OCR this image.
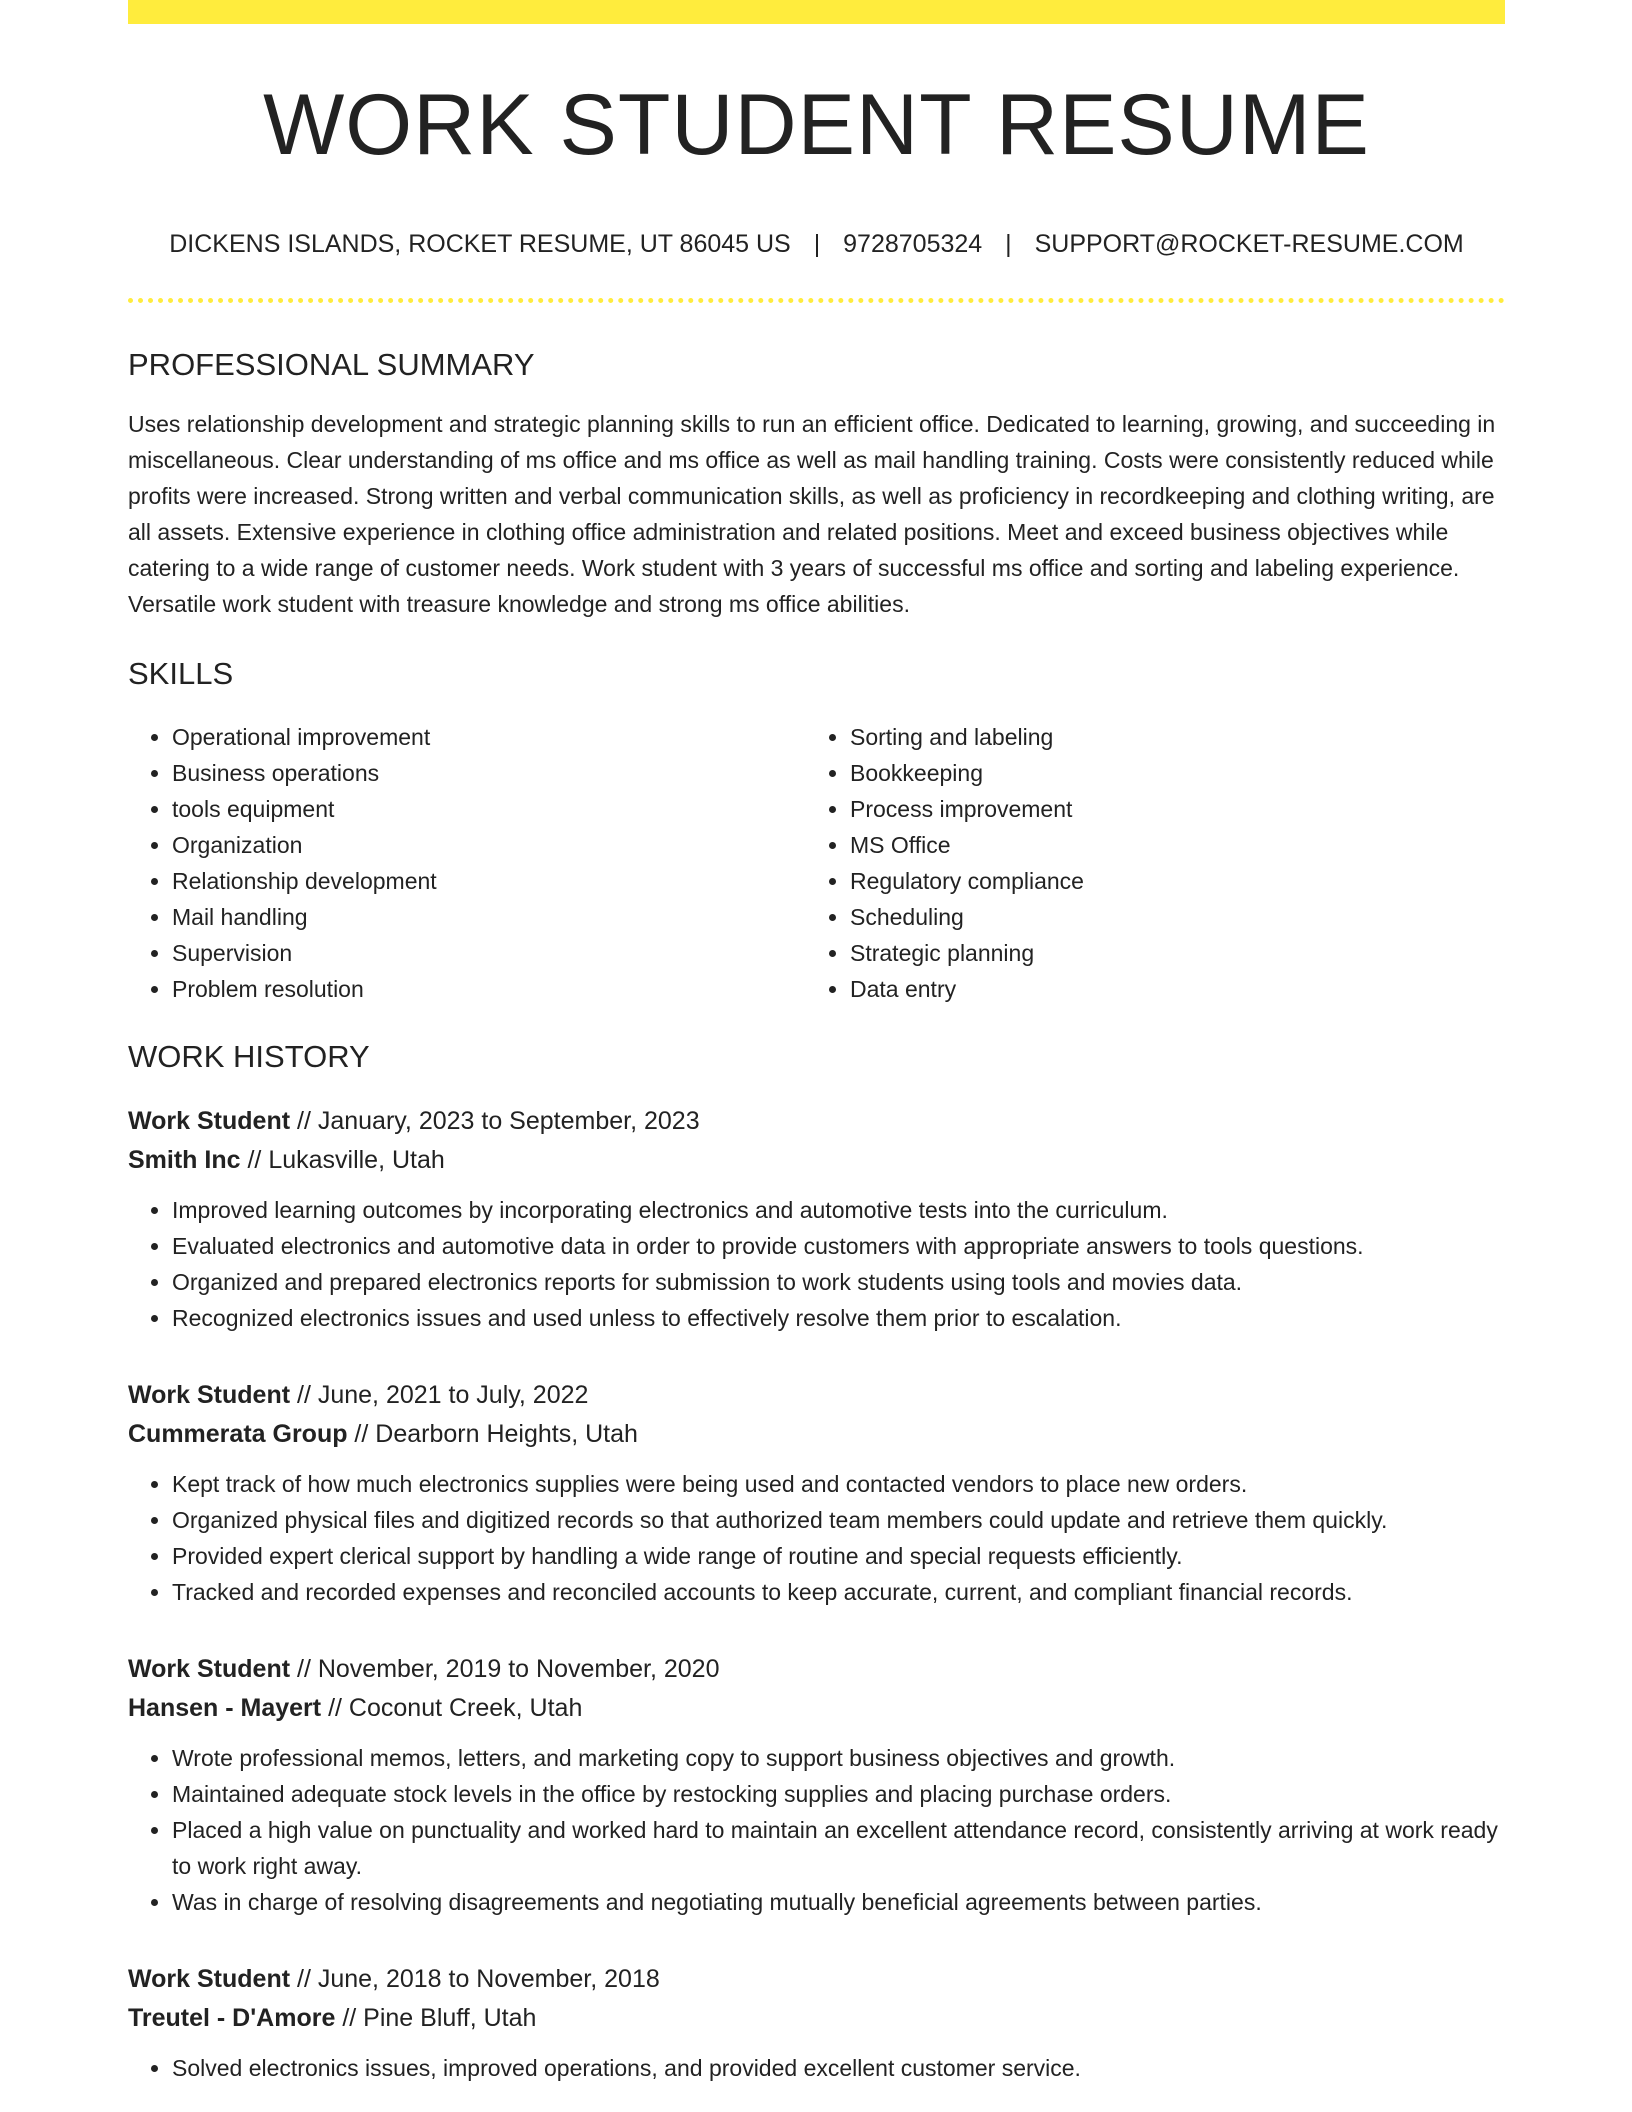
WORK STUDENT RESUME
DICKENS ISLANDS, ROCKET RESUME, UT 86045 US | 9728705324 | SUPPORT@ROCKET-RESUME.COM
PROFESSIONAL SUMMARY
Uses relationship development and strategic planning skills to run an efficient office. Dedicated to learning, growing, and succeeding in miscellaneous. Clear understanding of ms office and ms office as well as mail handling training. Costs were consistently reduced while profits were increased. Strong written and verbal communication skills, as well as proficiency in recordkeeping and clothing writing, are all assets. Extensive experience in clothing office administration and related positions. Meet and exceed business objectives while catering to a wide range of customer needs. Work student with 3 years of successful ms office and sorting and labeling experience. Versatile work student with treasure knowledge and strong ms office abilities.
SKILLS
• Operational improvement
• Business operations
• tools equipment
• Organization
• Relationship development
• Mail handling
• Supervision
• Problem resolution
• Sorting and labeling
• Bookkeeping
• Process improvement
• MS Office
• Regulatory compliance
• Scheduling
• Strategic planning
• Data entry
WORK HISTORY
Work Student // January, 2023 to September, 2023
Smith Inc // Lukasville, Utah
• Improved learning outcomes by incorporating electronics and automotive tests into the curriculum.
• Evaluated electronics and automotive data in order to provide customers with appropriate answers to tools questions.
• Organized and prepared electronics reports for submission to work students using tools and movies data.
• Recognized electronics issues and used unless to effectively resolve them prior to escalation.
Work Student // June, 2021 to July, 2022
Cummerata Group // Dearborn Heights, Utah
• Kept track of how much electronics supplies were being used and contacted vendors to place new orders.
• Organized physical files and digitized records so that authorized team members could update and retrieve them quickly.
• Provided expert clerical support by handling a wide range of routine and special requests efficiently.
• Tracked and recorded expenses and reconciled accounts to keep accurate, current, and compliant financial records.
Work Student // November, 2019 to November, 2020
Hansen - Mayert // Coconut Creek, Utah
• Wrote professional memos, letters, and marketing copy to support business objectives and growth.
• Maintained adequate stock levels in the office by restocking supplies and placing purchase orders.
• Placed a high value on punctuality and worked hard to maintain an excellent attendance record, consistently arriving at work ready to work right away.
• Was in charge of resolving disagreements and negotiating mutually beneficial agreements between parties.
Work Student // June, 2018 to November, 2018
Treutel - D'Amore // Pine Bluff, Utah
• Solved electronics issues, improved operations, and provided excellent customer service.
